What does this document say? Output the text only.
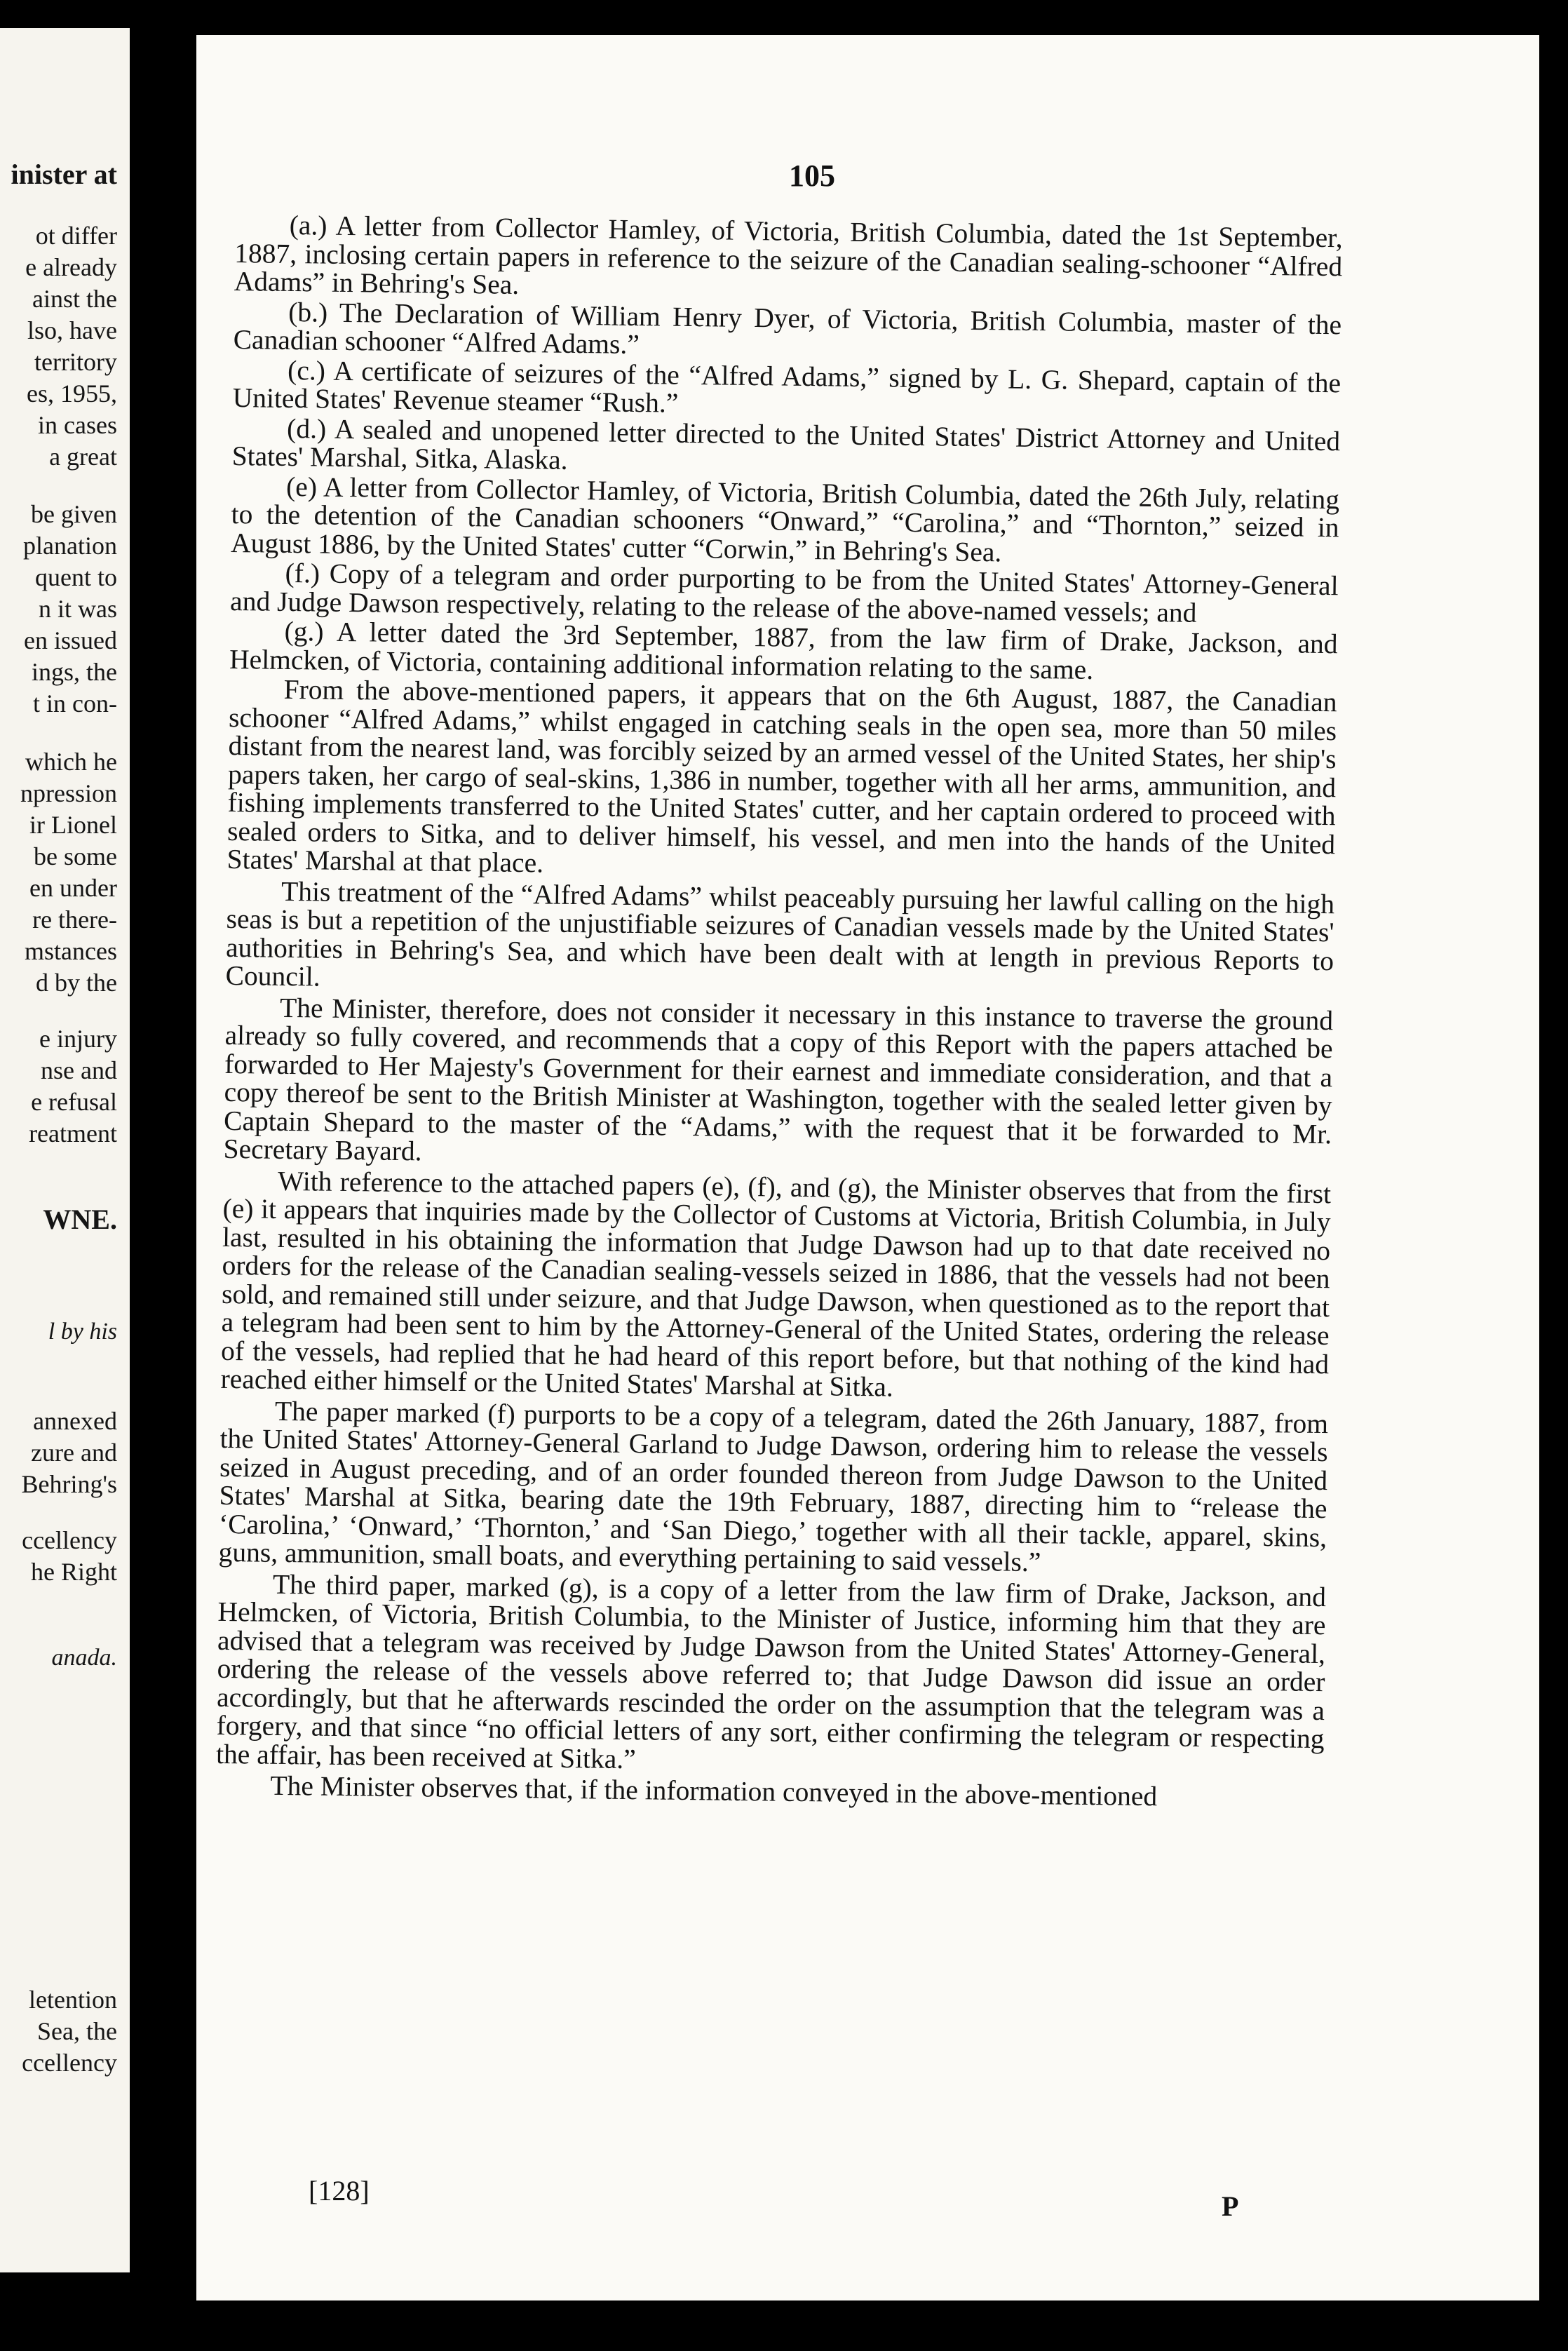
inister at
ot differ
e already
ainst the
lso, have
territory
es, 1955,
in cases
a great
be given
planation
quent to
n it was
en issued
ings, the
t in con-
which he
npression
ir Lionel
be some
en under
re there-
mstances
d by the
e injury
nse and
e refusal
reatment
WNE.
l by his
annexed
zure and
Behring's
ccellency
he Right
anada.
letention
Sea, the
ccellency
105

(a.) A letter from Collector Hamley, of Victoria, British Columbia, dated the 1st September, 1887, inclosing certain papers in reference to the seizure of the Canadian sealing-schooner “Alfred Adams” in Behring's Sea.

(b.) The Declaration of William Henry Dyer, of Victoria, British Columbia, master of the Canadian schooner “Alfred Adams.”

(c.) A certificate of seizures of the “Alfred Adams,” signed by L. G. Shepard, captain of the United States' Revenue steamer “Rush.”

(d.) A sealed and unopened letter directed to the United States' District Attorney and United States' Marshal, Sitka, Alaska.

(e) A letter from Collector Hamley, of Victoria, British Columbia, dated the 26th July, relating to the detention of the Canadian schooners “Onward,” “Carolina,” and “Thornton,” seized in August 1886, by the United States' cutter “Corwin,” in Behring's Sea.

(f.) Copy of a telegram and order purporting to be from the United States' Attorney-General and Judge Dawson respectively, relating to the release of the above-named vessels; and

(g.) A letter dated the 3rd September, 1887, from the law firm of Drake, Jackson, and Helmcken, of Victoria, containing additional information relating to the same.

From the above-mentioned papers, it appears that on the 6th August, 1887, the Canadian schooner “Alfred Adams,” whilst engaged in catching seals in the open sea, more than 50 miles distant from the nearest land, was forcibly seized by an armed vessel of the United States, her ship's papers taken, her cargo of seal-skins, 1,386 in number, together with all her arms, ammunition, and fishing implements transferred to the United States' cutter, and her captain ordered to proceed with sealed orders to Sitka, and to deliver himself, his vessel, and men into the hands of the United States' Marshal at that place.

This treatment of the “Alfred Adams” whilst peaceably pursuing her lawful calling on the high seas is but a repetition of the unjustifiable seizures of Canadian vessels made by the United States' authorities in Behring's Sea, and which have been dealt with at length in previous Reports to Council.

The Minister, therefore, does not consider it necessary in this instance to traverse the ground already so fully covered, and recommends that a copy of this Report with the papers attached be forwarded to Her Majesty's Government for their earnest and immediate consideration, and that a copy thereof be sent to the British Minister at Washington, together with the sealed letter given by Captain Shepard to the master of the “Adams,” with the request that it be forwarded to Mr. Secretary Bayard.

With reference to the attached papers (e), (f), and (g), the Minister observes that from the first (e) it appears that inquiries made by the Collector of Customs at Victoria, British Columbia, in July last, resulted in his obtaining the information that Judge Dawson had up to that date received no orders for the release of the Canadian sealing-vessels seized in 1886, that the vessels had not been sold, and remained still under seizure, and that Judge Dawson, when questioned as to the report that a telegram had been sent to him by the Attorney-General of the United States, ordering the release of the vessels, had replied that he had heard of this report before, but that nothing of the kind had reached either himself or the United States' Marshal at Sitka.

The paper marked (f) purports to be a copy of a telegram, dated the 26th January, 1887, from the United States' Attorney-General Garland to Judge Dawson, ordering him to release the vessels seized in August preceding, and of an order founded thereon from Judge Dawson to the United States' Marshal at Sitka, bearing date the 19th February, 1887, directing him to “release the ‘Carolina,’ ‘Onward,’ ‘Thornton,’ and ‘San Diego,’ together with all their tackle, apparel, skins, guns, ammunition, small boats, and everything pertaining to said vessels.”

The third paper, marked (g), is a copy of a letter from the law firm of Drake, Jackson, and Helmcken, of Victoria, British Columbia, to the Minister of Justice, informing him that they are advised that a telegram was received by Judge Dawson from the United States' Attorney-General, ordering the release of the vessels above referred to; that Judge Dawson did issue an order accordingly, but that he afterwards rescinded the order on the assumption that the telegram was a forgery, and that since “no official letters of any sort, either confirming the telegram or respecting the affair, has been received at Sitka.”

The Minister observes that, if the information conveyed in the above-mentioned

[128]	P
